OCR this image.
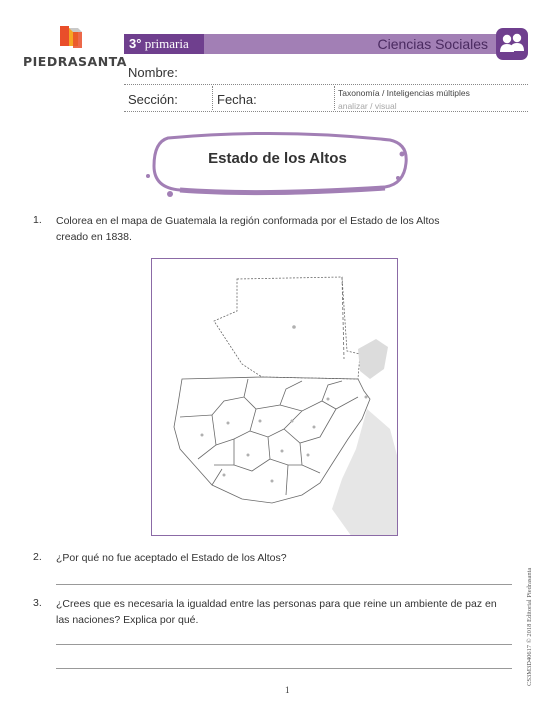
PIEDRASANTA
3° primaria	Ciencias Sociales
Nombre:
Sección:	Fecha:	Taxonomía / Inteligencias múltiples
analizar / visual
Estado de los Altos
1. Colorea en el mapa de Guatemala la región conformada por el Estado de los Altos
creado en 1838.
2. ¿Por qué no fue aceptado el Estado de los Altos?
3. ¿Crees que es necesaria la igualdad entre las personas para que reine un ambiente de paz en
las naciones? Explica por qué.
1
CS3M3D40617 © 2018 Editorial Piedrasanta
